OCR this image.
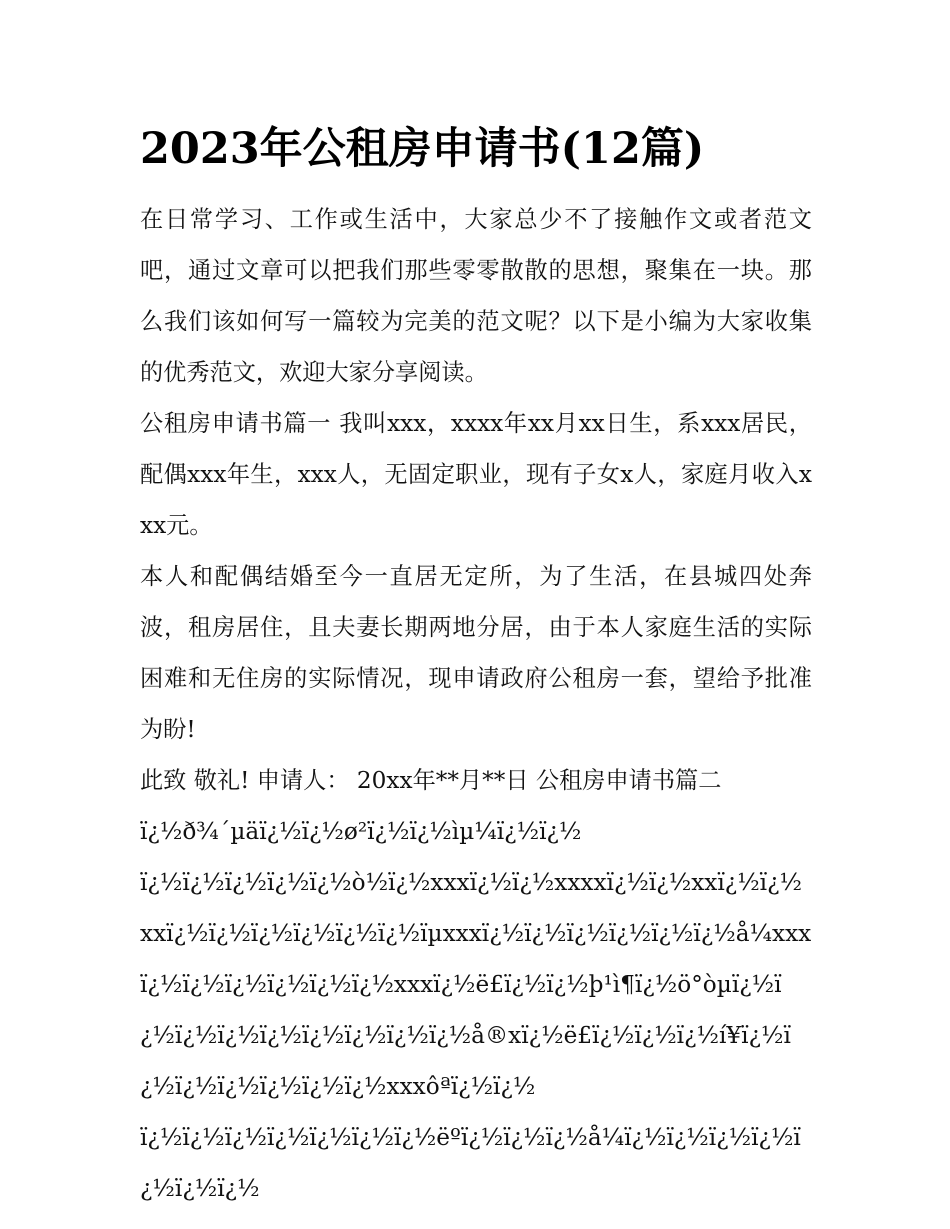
2023年公租房申请书(12篇)

在日常学习、工作或生活中，大家总少不了接触作文或者范文吧，通过文章可以把我们那些零零散散的思想，聚集在一块。那么我们该如何写一篇较为完美的范文呢？以下是小编为大家收集的优秀范文，欢迎大家分享阅读。

公租房申请书篇一 我叫xxx，xxxx年xx月xx日生，系xxx居民，配偶xxx年生，xxx人，无固定职业，现有子女x人，家庭月收入xxx元。

本人和配偶结婚至今一直居无定所，为了生活，在县城四处奔波，租房居住，且夫妻长期两地分居，由于本人家庭生活的实际困难和无住房的实际情况，现申请政府公租房一套，望给予批准为盼!

此致 敬礼! 申请人： 20xx年**月**日 公租房申请书篇二

ï¿½ð¾´µäï¿½ï¿½ø²ï¿½ï¿½ìµ¼ï¿½ï¿½

ï¿½ï¿½ï¿½ï¿½ï¿½ò½ï¿½xxxï¿½ï¿½xxxxï¿½ï¿½xxï¿½ï¿½xxï¿½ï¿½ï¿½ï¿½ï¿½ï¿½ïµxxxï¿½ï¿½ï¿½ï¿½ï¿½ï¿½å¼xxxï¿½ï¿½ï¿½ï¿½ï¿½ï¿½xxxï¿½ë£ï¿½ï¿½þ¹ì¶ï¿½ö°òµï¿½ï¿½ï¿½ï¿½ï¿½ï¿½ï¿½ï¿½ï¿½å®xï¿½ë£ï¿½ï¿½ï¿½í¥ï¿½ï¿½ï¿½ï¿½ï¿½ï¿½ï¿½xxxôªï¿½ï¿½

ï¿½ï¿½ï¿½ï¿½ï¿½ï¿½ï¿½ëºï¿½ï¿½ï¿½å¼ï¿½ï¿½ï¿½ï¿½ï¿½ï¿½ï¿½
